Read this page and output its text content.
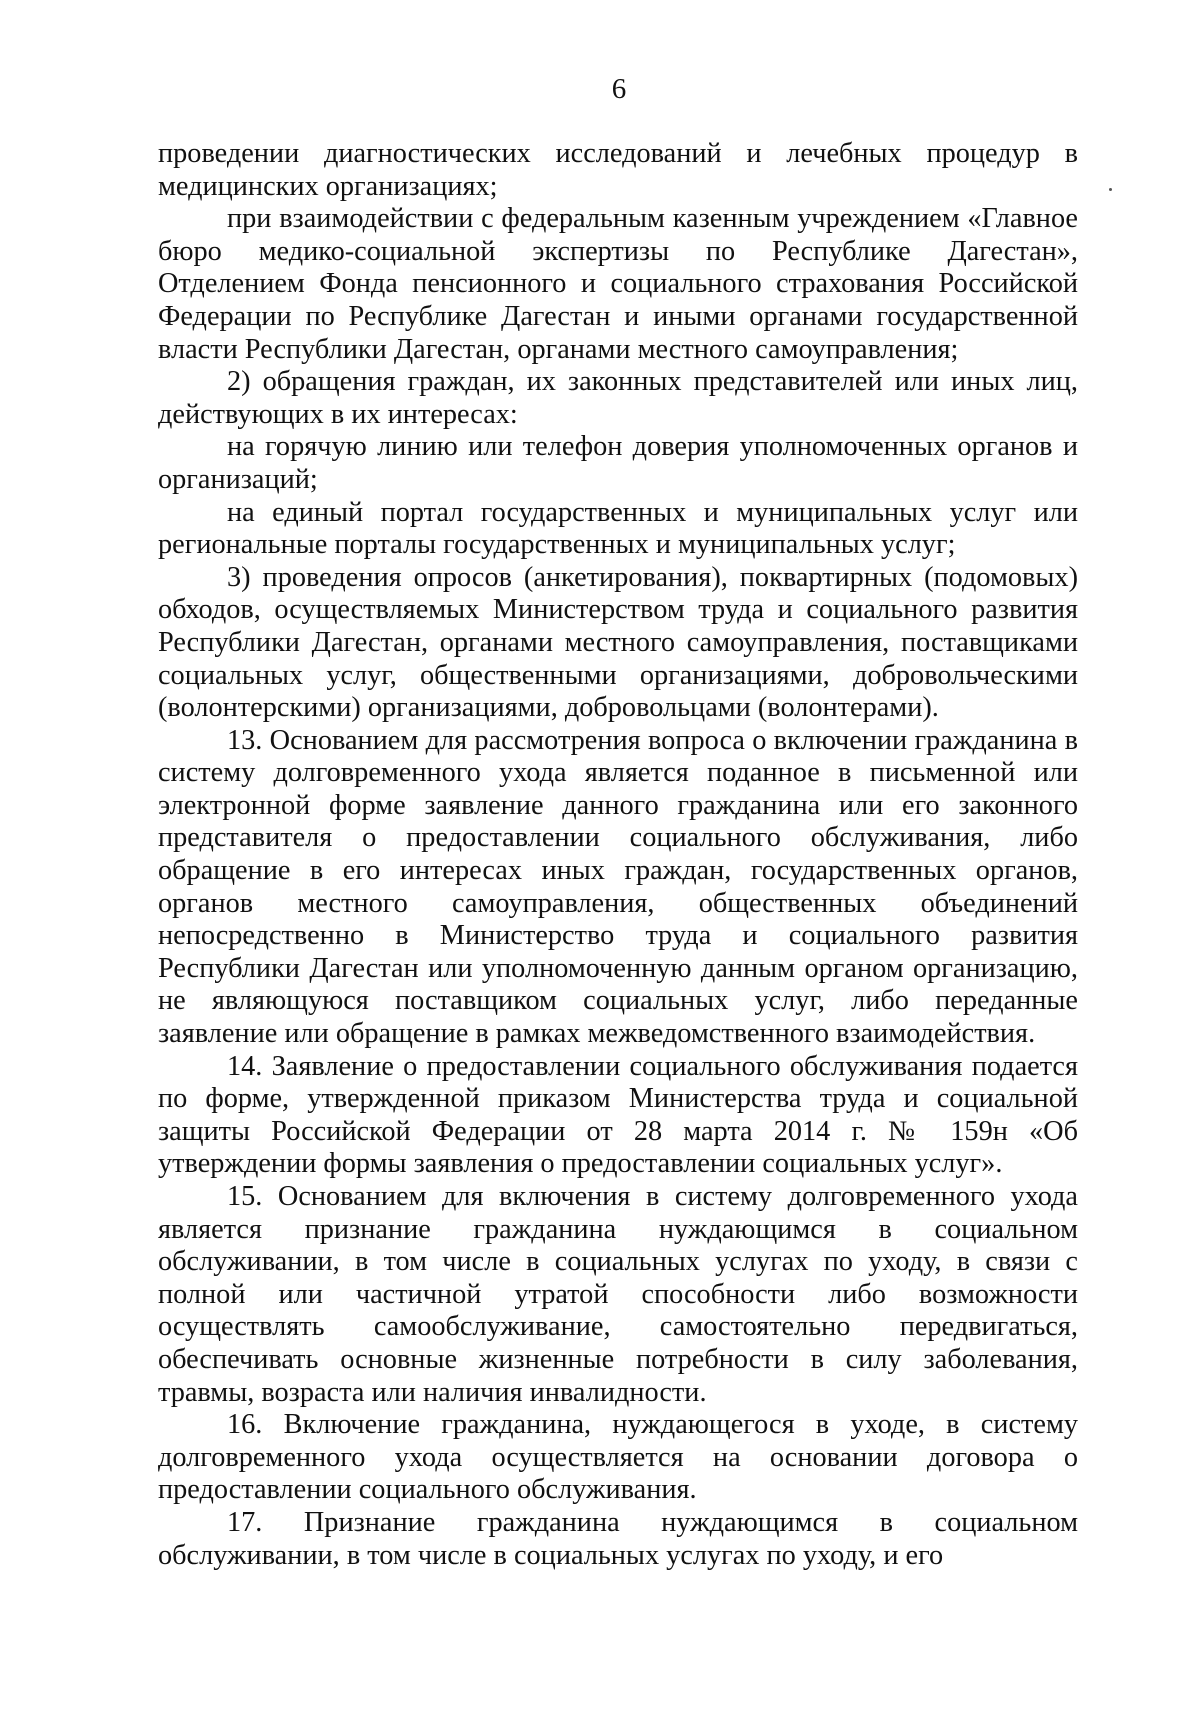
6

проведении диагностических исследований и лечебных процедур в медицинских организациях;

при взаимодействии с федеральным казенным учреждением «Главное бюро медико-социальной экспертизы по Республике Дагестан», Отделением Фонда пенсионного и социального страхования Российской Федерации по Республике Дагестан и иными органами государственной власти Республики Дагестан, органами местного самоуправления;

2) обращения граждан, их законных представителей или иных лиц, действующих в их интересах:

на горячую линию или телефон доверия уполномоченных органов и организаций;

на единый портал государственных и муниципальных услуг или региональные порталы государственных и муниципальных услуг;

3) проведения опросов (анкетирования), поквартирных (подомовых) обходов, осуществляемых Министерством труда и социального развития Республики Дагестан, органами местного самоуправления, поставщиками социальных услуг, общественными организациями, добровольческими (волонтерскими) организациями, добровольцами (волонтерами).

13. Основанием для рассмотрения вопроса о включении гражданина в систему долговременного ухода является поданное в письменной или электронной форме заявление данного гражданина или его законного представителя о предоставлении социального обслуживания, либо обращение в его интересах иных граждан, государственных органов, органов местного самоуправления, общественных объединений непосредственно в Министерство труда и социального развития Республики Дагестан или уполномоченную данным органом организацию, не являющуюся поставщиком социальных услуг, либо переданные заявление или обращение в рамках межведомственного взаимодействия.

14. Заявление о предоставлении социального обслуживания подается по форме, утвержденной приказом Министерства труда и социальной защиты Российской Федерации от 28 марта 2014 г. № 159н «Об утверждении формы заявления о предоставлении социальных услуг».

15. Основанием для включения в систему долговременного ухода является признание гражданина нуждающимся в социальном обслуживании, в том числе в социальных услугах по уходу, в связи с полной или частичной утратой способности либо возможности осуществлять самообслуживание, самостоятельно передвигаться, обеспечивать основные жизненные потребности в силу заболевания, травмы, возраста или наличия инвалидности.

16. Включение гражданина, нуждающегося в уходе, в систему долговременного ухода осуществляется на основании договора о предоставлении социального обслуживания.

17. Признание гражданина нуждающимся в социальном обслуживании, в том числе в социальных услугах по уходу, и его
